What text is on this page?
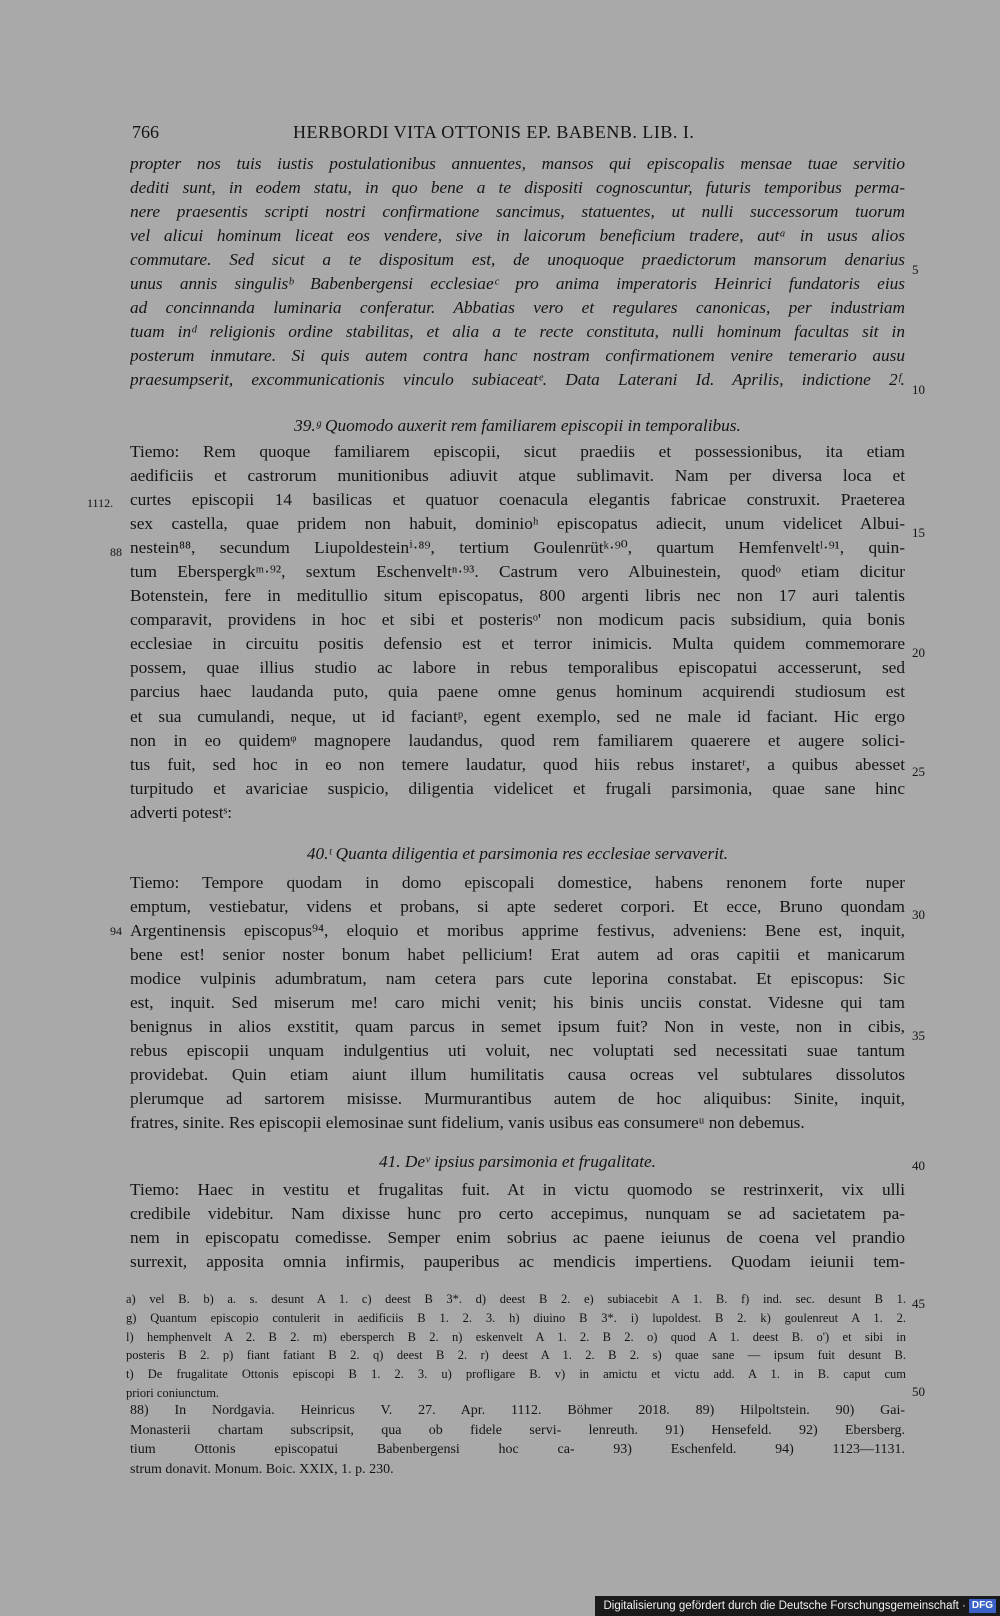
766	HERBORDI VITA OTTONIS EP. BABENB. LIB. I.
propter nos tuis iustis postulationibus annuentes, mansos qui episcopalis mensae tuae servitio
dediti sunt, in eodem statu, in quo bene a te dispositi cognoscuntur, futuris temporibus perma-
nere praesentis scripti nostri confirmatione sancimus, statuentes, ut nulli successorum tuorum
vel alicui hominum liceat eos vendere, sive in laicorum beneficium tradere, autᵃ in usus alios
commutare. Sed sicut a te dispositum est, de unoquoque praedictorum mansorum denarius
unus annis singulisᵇ Babenbergensi ecclesiaeᶜ pro anima imperatoris Heinrici fundatoris eius
ad concinnanda luminaria conferatur. Abbatias vero et regulares canonicas, per industriam
tuam inᵈ religionis ordine stabilitas, et alia a te recte constituta, nulli hominum facultas sit in
posterum inmutare. Si quis autem contra hanc nostram confirmationem venire temerario ausu
praesumpserit, excommunicationis vinculo subiaceatᵉ. Data Laterani Id. Aprilis, indictione 2ᶠ.
39.ᵍ Quomodo auxerit rem familiarem episcopii in temporalibus.
Tiemo: Rem quoque familiarem episcopii, sicut praediis et possessionibus, ita etiam
aedificiis et castrorum munitionibus adiuvit atque sublimavit. Nam per diversa loca et
curtes episcopii 14 basilicas et quatuor coenacula elegantis fabricae construxit. Praeterea
sex castella, quae pridem non habuit, dominioʰ episcopatus adiecit, unum videlicet Albui-
nestein⁸⁸, secundum Liupoldesteinⁱ·⁸⁹, tertium Goulenrütᵏ·⁹⁰, quartum Hemfenveltˡ·⁹¹, quin-
tum Eberspergkᵐ·⁹², sextum Eschenveltⁿ·⁹³. Castrum vero Albuinestein, quodᵒ etiam dicitur
Botenstein, fere in meditullio situm episcopatus, 800 argenti libris nec non 17 auri talentis
comparavit, providens in hoc et sibi et posterisᵒ' non modicum pacis subsidium, quia bonis
ecclesiae in circuitu positis defensio est et terror inimicis. Multa quidem commemorare
possem, quae illius studio ac labore in rebus temporalibus episcopatui accesserunt, sed
parcius haec laudanda puto, quia paene omne genus hominum acquirendi studiosum est
et sua cumulandi, neque, ut id faciantᵖ, egent exemplo, sed ne male id faciant. Hic ergo
non in eo quidemᵠ magnopere laudandus, quod rem familiarem quaerere et augere solici-
tus fuit, sed hoc in eo non temere laudatur, quod hiis rebus instaretʳ, a quibus abesset
turpitudo et avariciae suspicio, diligentia videlicet et frugali parsimonia, quae sane hinc
adverti potestˢ:
40.ᵗ Quanta diligentia et parsimonia res ecclesiae servaverit.
Tiemo: Tempore quodam in domo episcopali domestice, habens renonem forte nuper
emptum, vestiebatur, videns et probans, si apte sederet corpori. Et ecce, Bruno quondam
Argentinensis episcopus⁹⁴, eloquio et moribus apprime festivus, adveniens: Bene est, inquit,
bene est! senior noster bonum habet pellicium! Erat autem ad oras capitii et manicarum
modice vulpinis adumbratum, nam cetera pars cute leporina constabat. Et episcopus: Sic
est, inquit. Sed miserum me! caro michi venit; his binis unciis constat. Videsne qui tam
benignus in alios exstitit, quam parcus in semet ipsum fuit? Non in veste, non in cibis,
rebus episcopii unquam indulgentius uti voluit, nec voluptati sed necessitati suae tantum
providebat. Quin etiam aiunt illum humilitatis causa ocreas vel subtulares dissolutos
plerumque ad sartorem misisse. Murmurantibus autem de hoc aliquibus: Sinite, inquit,
fratres, sinite. Res episcopii elemosinae sunt fidelium, vanis usibus eas consumereᵘ non debemus.
41. Deᵛ ipsius parsimonia et frugalitate.
Tiemo: Haec in vestitu et frugalitas fuit. At in victu quomodo se restrinxerit, vix ulli
credibile videbitur. Nam dixisse hunc pro certo accepimus, nunquam se ad sacietatem pa-
nem in episcopatu comedisse. Semper enim sobrius ac paene ieiunus de coena vel prandio
surrexit, apposita omnia infirmis, pauperibus ac mendicis impertiens. Quodam ieiunii tem-
5
10
15
20
25
30
35
40
45
50
1112.
88
94
a) vel B. b) a. s. desunt A 1. c) deest B 3*. d) deest B 2. e) subiacebit A 1. B. f) ind. sec. desunt B 1.
g) Quantum episcopio contulerit in aedificiis B 1. 2. 3. h) diuino B 3*. i) lupoldest. B 2. k) goulenreut A 1. 2.
l) hemphenvelt A 2. B 2. m) ebersperch B 2. n) eskenvelt A 1. 2. B 2. o) quod A 1. deest B. o') et sibi in
posteris B 2. p) fiant fatiant B 2. q) deest B 2. r) deest A 1. 2. B 2. s) quae sane — ipsum fuit desunt B.
t) De frugalitate Ottonis episcopi B 1. 2. 3. u) profligare B. v) in amictu et victu add. A 1. in B. caput cum
priori coniunctum.
88) In Nordgavia. Heinricus V. 27. Apr. 1112. Böhmer 2018. 89) Hilpoltstein. 90) Gai-
Monasterii chartam subscripsit, qua ob fidele servi- lenreuth. 91) Hensefeld. 92) Ebersberg.
tium Ottonis episcopatui Babenbergensi hoc ca- 93) Eschenfeld. 94) 1123—1131.
strum donavit. Monum. Boic. XXIX, 1. p. 230.
Digitalisierung gefördert durch die Deutsche Forschungsgemeinschaft · DFG
